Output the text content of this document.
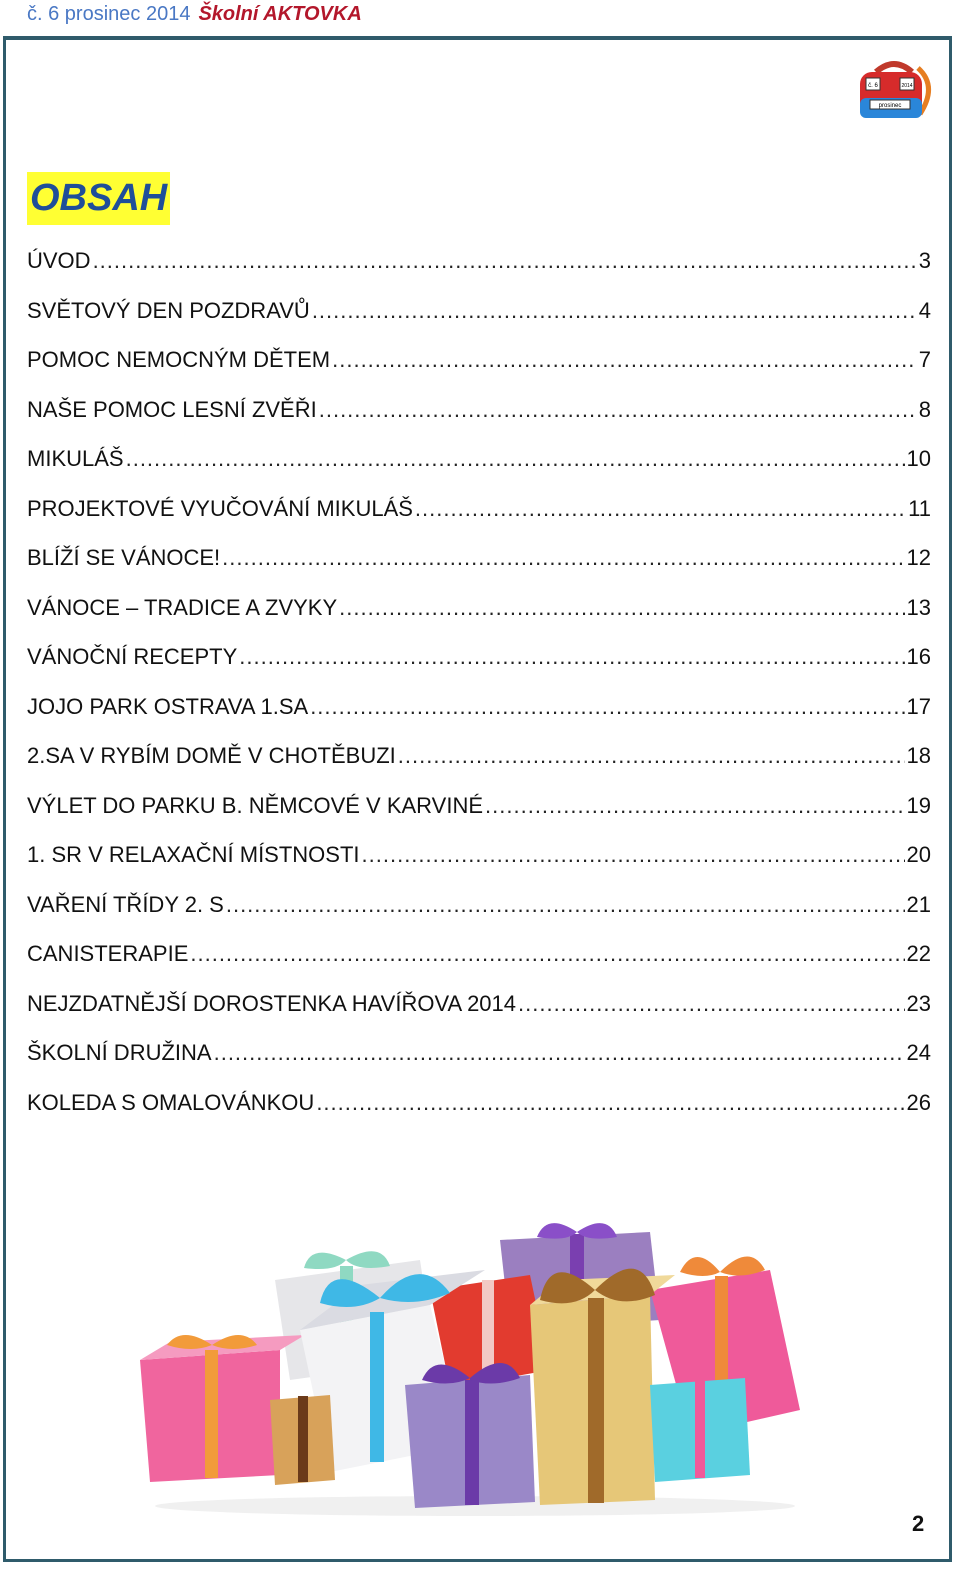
č. 6 prosinec 2014 Školní AKTOVKA
č. 6	2014
prosinec
OBSAH
ÚVOD .....	3
SVĚTOVÝ DEN POZDRAVŮ .....	4
POMOC NEMOCNÝM DĚTEM .....	7
NAŠE POMOC LESNÍ ZVĚŘI .....	8
MIKULÁŠ .....	10
PROJEKTOVÉ VYUČOVÁNÍ MIKULÁŠ .....	11
BLÍŽÍ SE VÁNOCE! .....	12
VÁNOCE – TRADICE A ZVYKY .....	13
VÁNOČNÍ RECEPTY .....	16
JOJO PARK OSTRAVA 1.SA .....	17
2.SA V RYBÍM DOMĚ V CHOTĚBUZI .....	18
VÝLET DO PARKU B. NĚMCOVÉ V KARVINÉ .....	19
1. SR V RELAXAČNÍ MÍSTNOSTI .....	20
VAŘENÍ TŘÍDY 2. S .....	21
CANISTERAPIE .....	22
NEJZDATNĚJŠÍ DOROSTENKA HAVÍŘOVA 2014 .....	23
ŠKOLNÍ DRUŽINA .....	24
KOLEDA S OMALOVÁNKOU .....	26
2
